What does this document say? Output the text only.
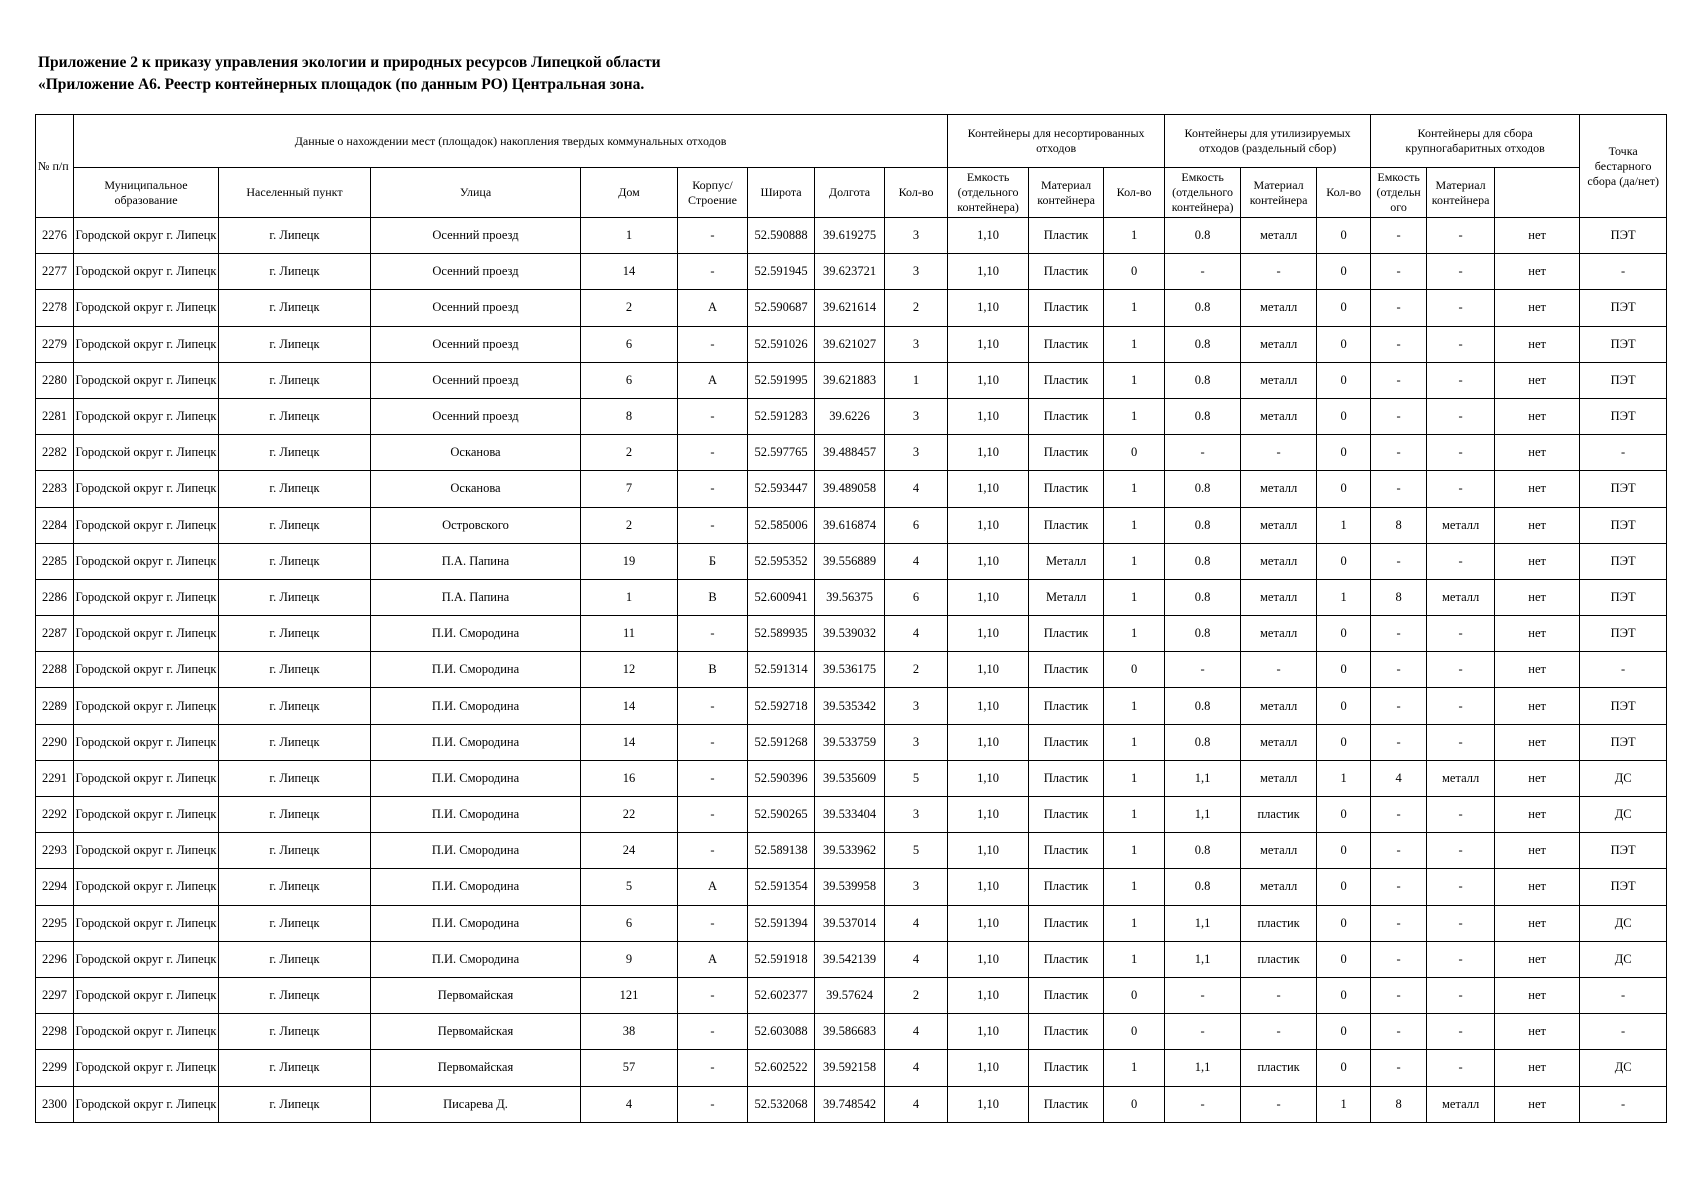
Приложение 2 к приказу управления экологии и природных ресурсов Липецкой области
«Приложение А6. Реестр контейнерных площадок (по данным РО) Центральная зона.
№ п/п	Данные о нахождении мест (площадок) накопления твердых коммунальных отходов								Контейнеры для несортированных отходов			Контейнеры для утилизируемых отходов (раздельный сбор)			Контейнеры для сбора крупногабаритных отходов			Точка бестарного сбора (да/нет)	
	Муниципальное образование	Населенный пункт	Улица	Дом	Корпус/ Строение	Широта	Долгота	Кол-во	Емкость (отдельного контейнера)	Материал контейнера	Кол-во	Емкость (отдельного контейнера)	Материал контейнера	Кол-во	Емкость (отдельн ого	Материал контейнера			
2276	Городской округ г. Липецк	г. Липецк	Осенний проезд	1	-	52.590888	39.619275	3	1,10	Пластик	1	0.8	металл	0	-	-	нет	ПЭТ	
2277	Городской округ г. Липецк	г. Липецк	Осенний проезд	14	-	52.591945	39.623721	3	1,10	Пластик	0	-	-	0	-	-	нет	-	
2278	Городской округ г. Липецк	г. Липецк	Осенний проезд	2	А	52.590687	39.621614	2	1,10	Пластик	1	0.8	металл	0	-	-	нет	ПЭТ	
2279	Городской округ г. Липецк	г. Липецк	Осенний проезд	6	-	52.591026	39.621027	3	1,10	Пластик	1	0.8	металл	0	-	-	нет	ПЭТ	
2280	Городской округ г. Липецк	г. Липецк	Осенний проезд	6	А	52.591995	39.621883	1	1,10	Пластик	1	0.8	металл	0	-	-	нет	ПЭТ	
2281	Городской округ г. Липецк	г. Липецк	Осенний проезд	8	-	52.591283	39.6226	3	1,10	Пластик	1	0.8	металл	0	-	-	нет	ПЭТ	
2282	Городской округ г. Липецк	г. Липецк	Осканова	2	-	52.597765	39.488457	3	1,10	Пластик	0	-	-	0	-	-	нет	-	
2283	Городской округ г. Липецк	г. Липецк	Осканова	7	-	52.593447	39.489058	4	1,10	Пластик	1	0.8	металл	0	-	-	нет	ПЭТ	
2284	Городской округ г. Липецк	г. Липецк	Островского	2	-	52.585006	39.616874	6	1,10	Пластик	1	0.8	металл	1	8	металл	нет	ПЭТ	
2285	Городской округ г. Липецк	г. Липецк	П.А. Папина	19	Б	52.595352	39.556889	4	1,10	Металл	1	0.8	металл	0	-	-	нет	ПЭТ	
2286	Городской округ г. Липецк	г. Липецк	П.А. Папина	1	В	52.600941	39.56375	6	1,10	Металл	1	0.8	металл	1	8	металл	нет	ПЭТ	
2287	Городской округ г. Липецк	г. Липецк	П.И. Смородина	11	-	52.589935	39.539032	4	1,10	Пластик	1	0.8	металл	0	-	-	нет	ПЭТ	
2288	Городской округ г. Липецк	г. Липецк	П.И. Смородина	12	В	52.591314	39.536175	2	1,10	Пластик	0	-	-	0	-	-	нет	-	
2289	Городской округ г. Липецк	г. Липецк	П.И. Смородина	14	-	52.592718	39.535342	3	1,10	Пластик	1	0.8	металл	0	-	-	нет	ПЭТ	
2290	Городской округ г. Липецк	г. Липецк	П.И. Смородина	14	-	52.591268	39.533759	3	1,10	Пластик	1	0.8	металл	0	-	-	нет	ПЭТ	
2291	Городской округ г. Липецк	г. Липецк	П.И. Смородина	16	-	52.590396	39.535609	5	1,10	Пластик	1	1,1	металл	1	4	металл	нет	ДС	
2292	Городской округ г. Липецк	г. Липецк	П.И. Смородина	22	-	52.590265	39.533404	3	1,10	Пластик	1	1,1	пластик	0	-	-	нет	ДС	
2293	Городской округ г. Липецк	г. Липецк	П.И. Смородина	24	-	52.589138	39.533962	5	1,10	Пластик	1	0.8	металл	0	-	-	нет	ПЭТ	
2294	Городской округ г. Липецк	г. Липецк	П.И. Смородина	5	А	52.591354	39.539958	3	1,10	Пластик	1	0.8	металл	0	-	-	нет	ПЭТ	
2295	Городской округ г. Липецк	г. Липецк	П.И. Смородина	6	-	52.591394	39.537014	4	1,10	Пластик	1	1,1	пластик	0	-	-	нет	ДС	
2296	Городской округ г. Липецк	г. Липецк	П.И. Смородина	9	А	52.591918	39.542139	4	1,10	Пластик	1	1,1	пластик	0	-	-	нет	ДС	
2297	Городской округ г. Липецк	г. Липецк	Первомайская	121	-	52.602377	39.57624	2	1,10	Пластик	0	-	-	0	-	-	нет	-	
2298	Городской округ г. Липецк	г. Липецк	Первомайская	38	-	52.603088	39.586683	4	1,10	Пластик	0	-	-	0	-	-	нет	-	
2299	Городской округ г. Липецк	г. Липецк	Первомайская	57	-	52.602522	39.592158	4	1,10	Пластик	1	1,1	пластик	0	-	-	нет	ДС	
2300	Городской округ г. Липецк	г. Липецк	Писарева Д.	4	-	52.532068	39.748542	4	1,10	Пластик	0	-	-	1	8	металл	нет	-	
